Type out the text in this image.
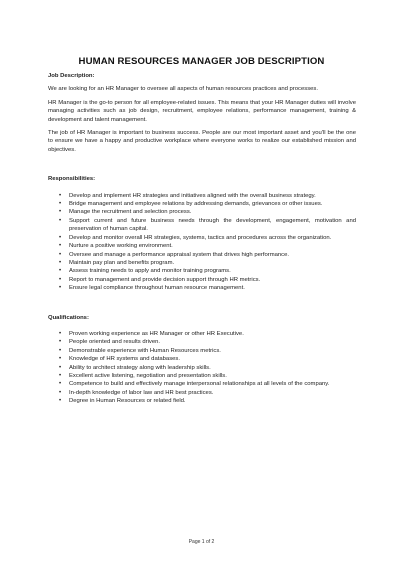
HUMAN RESOURCES MANAGER JOB DESCRIPTION
Job Description:

We are looking for an HR Manager to oversee all aspects of human resources practices and processes.

HR Manager is the go-to person for all employee-related issues. This means that your HR Manager duties will involve managing activities such as job design, recruitment, employee relations, performance management, training & development and talent management.

The job of HR Manager is important to business success. People are our most important asset and you'll be the one to ensure we have a happy and productive workplace where everyone works to realize our established mission and objectives.

Responsibilities:
• Develop and implement HR strategies and initiatives aligned with the overall business strategy.
• Bridge management and employee relations by addressing demands, grievances or other issues.
• Manage the recruitment and selection process.
• Support current and future business needs through the development, engagement, motivation and preservation of human capital.
• Develop and monitor overall HR strategies, systems, tactics and procedures across the organization.
• Nurture a positive working environment.
• Oversee and manage a performance appraisal system that drives high performance.
• Maintain pay plan and benefits program.
• Assess training needs to apply and monitor training programs.
• Report to management and provide decision support through HR metrics.
• Ensure legal compliance throughout human resource management.
Qualifications:
• Proven working experience as HR Manager or other HR Executive.
• People oriented and results driven.
• Demonstrable experience with Human Resources metrics.
• Knowledge of HR systems and databases.
• Ability to architect strategy along with leadership skills.
• Excellent active listening, negotiation and presentation skills.
• Competence to build and effectively manage interpersonal relationships at all levels of the company.
• In-depth knowledge of labor law and HR best practices.
• Degree in Human Resources or related field.
Page 1 of 2
